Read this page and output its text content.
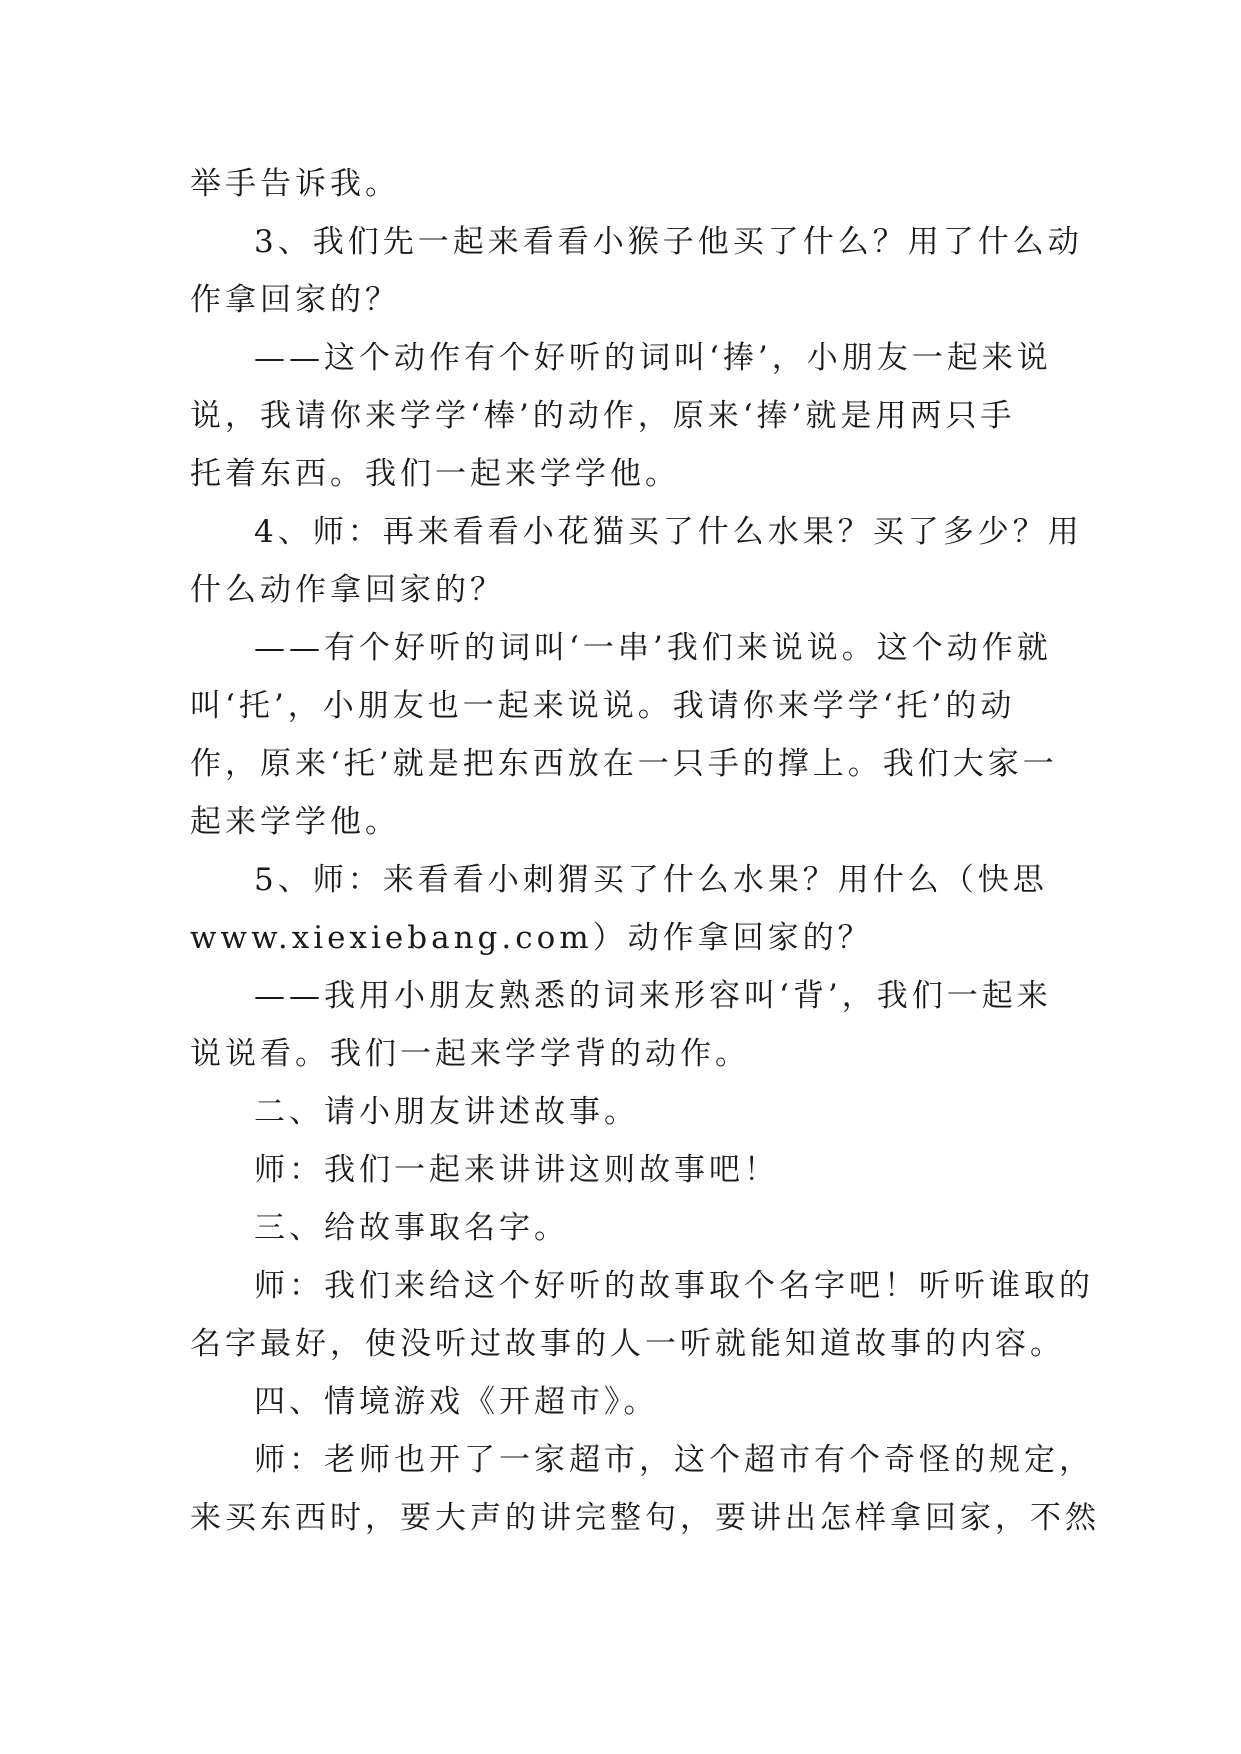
举手告诉我。
3、我们先一起来看看小猴子他买了什么？用了什么动
作拿回家的？
——这个动作有个好听的词叫‘捧’，小朋友一起来说
说，我请你来学学‘棒’的动作，原来‘捧’就是用两只手
托着东西。我们一起来学学他。
4、师：再来看看小花猫买了什么水果？买了多少？用
什么动作拿回家的？
——有个好听的词叫‘一串’我们来说说。这个动作就
叫‘托’，小朋友也一起来说说。我请你来学学‘托’的动
作，原来‘托’就是把东西放在一只手的撑上。我们大家一
起来学学他。
5、师：来看看小刺猬买了什么水果？用什么（快思
www.xiexiebang.com）动作拿回家的？
——我用小朋友熟悉的词来形容叫‘背’，我们一起来
说说看。我们一起来学学背的动作。
二、请小朋友讲述故事。
师：我们一起来讲讲这则故事吧！
三、给故事取名字。
师：我们来给这个好听的故事取个名字吧！听听谁取的
名字最好，使没听过故事的人一听就能知道故事的内容。
四、情境游戏《开超市》。
师：老师也开了一家超市，这个超市有个奇怪的规定，
来买东西时，要大声的讲完整句，要讲出怎样拿回家，不然
